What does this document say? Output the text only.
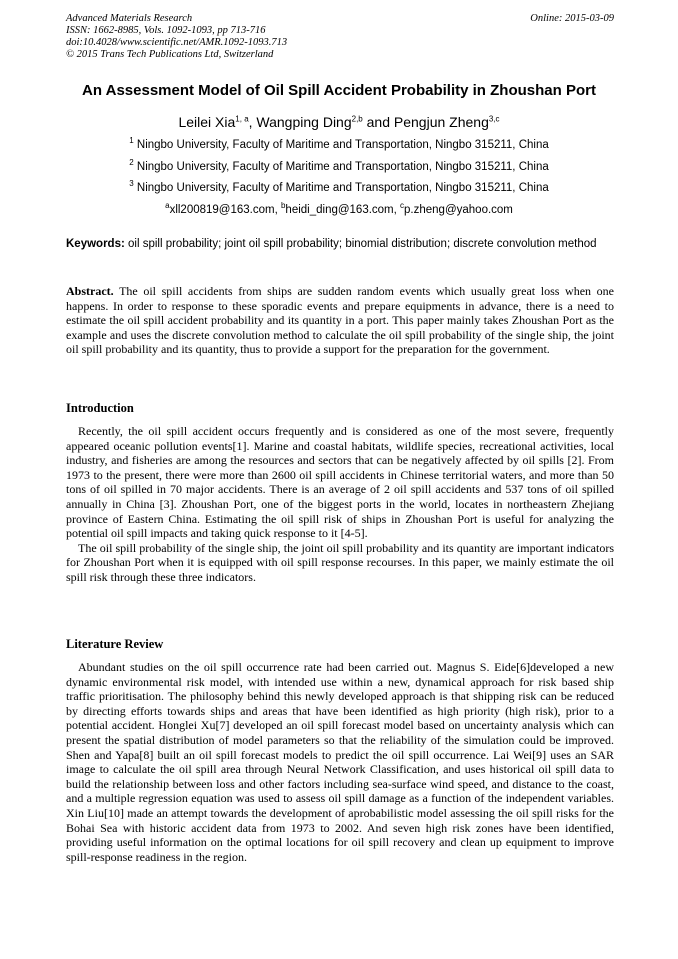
Advanced Materials Research
ISSN: 1662-8985, Vols. 1092-1093, pp 713-716
doi:10.4028/www.scientific.net/AMR.1092-1093.713
© 2015 Trans Tech Publications Ltd, Switzerland
Online: 2015-03-09
An Assessment Model of Oil Spill Accident Probability in Zhoushan Port
Leilei Xia$^{1, a}$, Wangping Ding$^{2,b}$ and Pengjun Zheng$^{3,c}$
$^1$ Ningbo University, Faculty of Maritime and Transportation, Ningbo 315211, China
$^2$ Ningbo University, Faculty of Maritime and Transportation, Ningbo 315211, China
$^3$ Ningbo University, Faculty of Maritime and Transportation, Ningbo 315211, China
$^a$xll200819@163.com, $^b$heidi_ding@163.com, $^c$p.zheng@yahoo.com
Keywords: oil spill probability; joint oil spill probability; binomial distribution; discrete convolution method
Abstract. The oil spill accidents from ships are sudden random events which usually great loss when one happens. In order to response to these sporadic events and prepare equipments in advance, there is a need to estimate the oil spill accident probability and its quantity in a port. This paper mainly takes Zhoushan Port as the example and uses the discrete convolution method to calculate the oil spill probability of the single ship, the joint oil spill probability and its quantity, thus to provide a support for the preparation for the government.
Introduction

Recently, the oil spill accident occurs frequently and is considered as one of the most severe, frequently appeared oceanic pollution events[1]. Marine and coastal habitats, wildlife species, recreational activities, local industry, and fisheries are among the resources and sectors that can be negatively affected by oil spills [2]. From 1973 to the present, there were more than 2600 oil spill accidents in Chinese territorial waters, and more than 50 tons of oil spilled in 70 major accidents. There is an average of 2 oil spill accidents and 537 tons of oil spilled annually in China [3]. Zhoushan Port, one of the biggest ports in the world, locates in northeastern Zhejiang province of Eastern China. Estimating the oil spill risk of ships in Zhoushan Port is useful for analyzing the potential oil spill impacts and taking quick response to it [4-5].

The oil spill probability of the single ship, the joint oil spill probability and its quantity are important indicators for Zhoushan Port when it is equipped with oil spill response recourses. In this paper, we mainly estimate the oil spill risk through these three indicators.

Literature Review

Abundant studies on the oil spill occurrence rate had been carried out. Magnus S. Eide[6]developed a new dynamic environmental risk model, with intended use within a new, dynamical approach for risk based ship traffic prioritisation. The philosophy behind this newly developed approach is that shipping risk can be reduced by directing efforts towards ships and areas that have been identified as high priority (high risk), prior to a potential accident. Honglei Xu[7] developed an oil spill forecast model based on uncertainty analysis which can present the spatial distribution of model parameters so that the reliability of the simulation could be improved. Shen and Yapa[8] built an oil spill forecast models to predict the oil spill occurrence. Lai Wei[9] uses an SAR image to calculate the oil spill area through Neural Network Classification, and uses historical oil spill data to build the relationship between loss and other factors including sea-surface wind speed, and distance to the coast, and a multiple regression equation was used to assess oil spill damage as a function of the independent variables. Xin Liu[10] made an attempt towards the development of aprobabilistic model assessing the oil spill risks for the Bohai Sea with historic accident data from 1973 to 2002. And seven high risk zones have been identified, providing useful information on the optimal locations for oil spill recovery and clean up equipment to improve spill-response readiness in the region.
